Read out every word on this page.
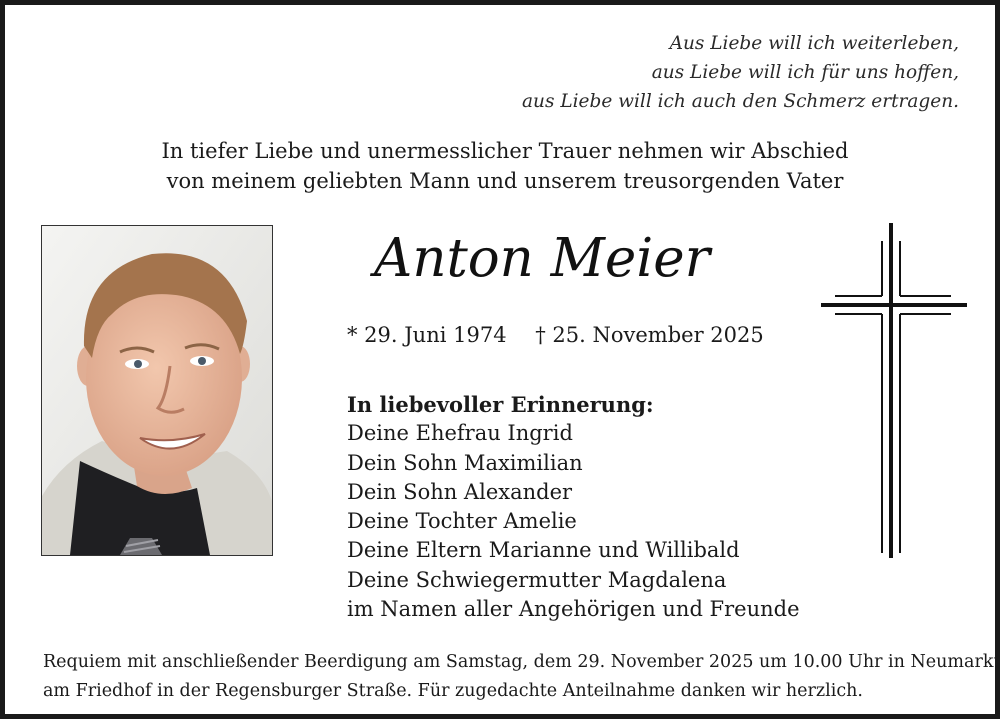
Aus Liebe will ich weiterleben,
aus Liebe will ich für uns hoffen,
aus Liebe will ich auch den Schmerz ertragen.
In tiefer Liebe und unermesslicher Trauer nehmen wir Abschied
von meinem geliebten Mann und unserem treusorgenden Vater
Anton Meier
* 29. Juni 1974 † 25. November 2025
In liebevoller Erinnerung:
Deine Ehefrau Ingrid
Dein Sohn Maximilian
Dein Sohn Alexander
Deine Tochter Amelie
Deine Eltern Marianne und Willibald
Deine Schwiegermutter Magdalena
im Namen aller Angehörigen und Freunde
Requiem mit anschließender Beerdigung am Samstag, dem 29. November 2025 um 10.00 Uhr in Neumarkt
am Friedhof in der Regensburger Straße. Für zugedachte Anteilnahme danken wir herzlich.
